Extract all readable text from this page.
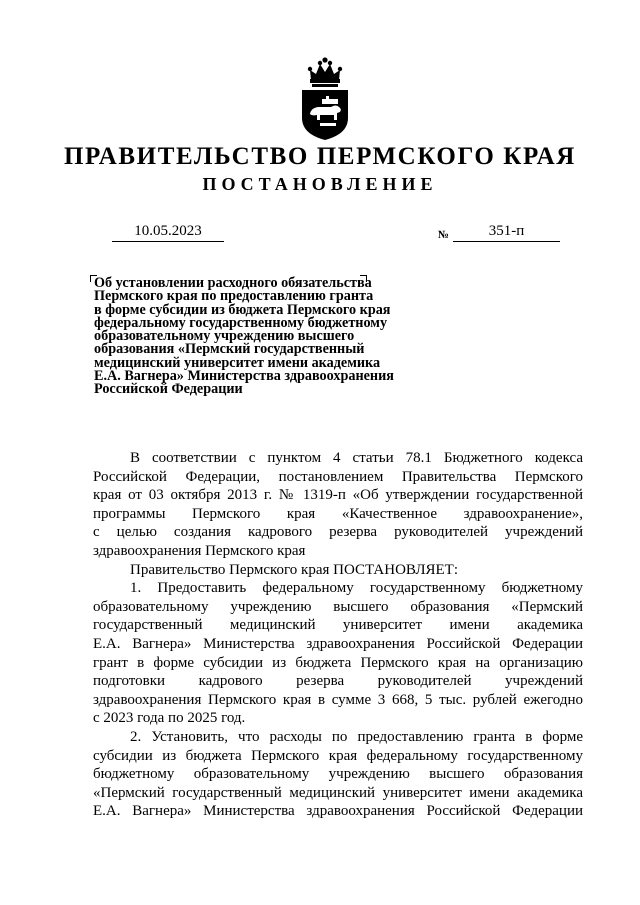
ПРАВИТЕЛЬСТВО ПЕРМСКОГО КРАЯ
ПОСТАНОВЛЕНИЕ
10.05.2023	№	351-п
Об установлении расходного обязательства
Пермского края по предоставлению гранта
в форме субсидии из бюджета Пермского края
федеральному государственному бюджетному
образовательному учреждению высшего
образования «Пермский государственный
медицинский университет имени академика
Е.А. Вагнера» Министерства здравоохранения
Российской Федерации

В соответствии с пунктом 4 статьи 78.1 Бюджетного кодекса
Российской Федерации, постановлением Правительства Пермского
края от 03 октября 2013 г. № 1319-п «Об утверждении государственной
программы Пермского края «Качественное здравоохранение»,
с целью создания кадрового резерва руководителей учреждений
здравоохранения Пермского края

Правительство Пермского края ПОСТАНОВЛЯЕТ:

1. Предоставить федеральному государственному бюджетному
образовательному учреждению высшего образования «Пермский
государственный медицинский университет имени академика
Е.А. Вагнера» Министерства здравоохранения Российской Федерации
грант в форме субсидии из бюджета Пермского края на организацию
подготовки кадрового резерва руководителей учреждений
здравоохранения Пермского края в сумме 3 668, 5 тыс. рублей ежегодно
с 2023 года по 2025 год.

2. Установить, что расходы по предоставлению гранта в форме
субсидии из бюджета Пермского края федеральному государственному
бюджетному образовательному учреждению высшего образования
«Пермский государственный медицинский университет имени академика
Е.А. Вагнера» Министерства здравоохранения Российской Федерации
